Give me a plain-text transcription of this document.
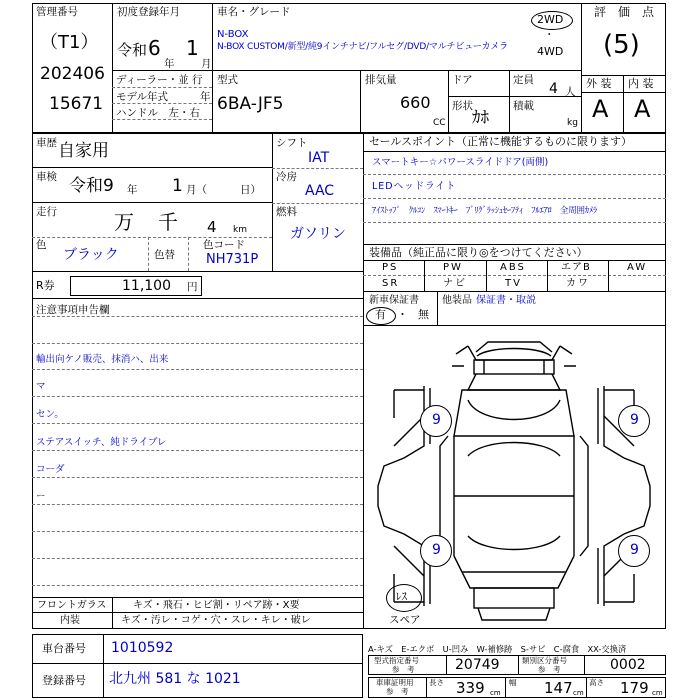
管理番号
（T1）
202406
15671
初度登録年月
令和 6
年
1
月
ディーラー・並 行
モデル年式	年
ハンドル　左・右
車名・グレード
N-BOX
N-BOX CUSTOM/新型/純9インチナビ/フルセグ/DVD/マルチビューカメラ
2WD
・
4WD
型式
6BA-JF5
排気量
660
CC
ドア
形状
ｶﾎ
定員
4 人
積載
kg
評　価　点
(5)
外 装 内 装
A A
車歴 自家用
車検 令和9 年 1 月（	日）
走行	万 千 4 km
色
ブラック	色替
色コード
NH731P
シフト
IAT
冷房
AAC
燃料
ガソリン
R券	11,100 円
注意事項申告欄
輸出向ケノ販売、抹消ハ、出来
マ
セン。
ステアスイッチ、純ドライブレ
コーダ
ー
フロントガラス	キズ・飛石・ヒビ割・リペア跡・X要
内装	キズ・汚レ・コゲ・穴・スレ・キレ・破レ
セールスポイント（正常に機能するものに限ります）
スマートキー☆パワースライドドア(両側)
LEDヘッドライト
ｱｲｽﾄｯﾌﾟ　ｸﾙｺﾝ　ｽﾏｰﾄｷｰ　ﾌﾞﾘｸﾞﾗｯｼｭｾｰﾌﾃｨ　ﾌﾙｴｱﾛ　全周囲ｶﾒﾗ
装備品（純正品に限り◎をつけてください）
PS	PW	ABS	エアB	AW
SR	ナビ	TV	カワ
新車保証書
有 ・ 無
他装品 保証書・取説
9	9
9	9
ﾚｽ
スペア
車台番号 1010592
登録番号 北九州 581 な 1021
A-キズ　E-エクボ　U-凹み　W-補修跡　S-サビ　C-腐食　XX-交換済
型式指定番号
参　考	20749	類別区分番号
参　考	0002
車庫証明用
参　考
長さ 339 cm
幅 147 cm
高さ 179 cm
